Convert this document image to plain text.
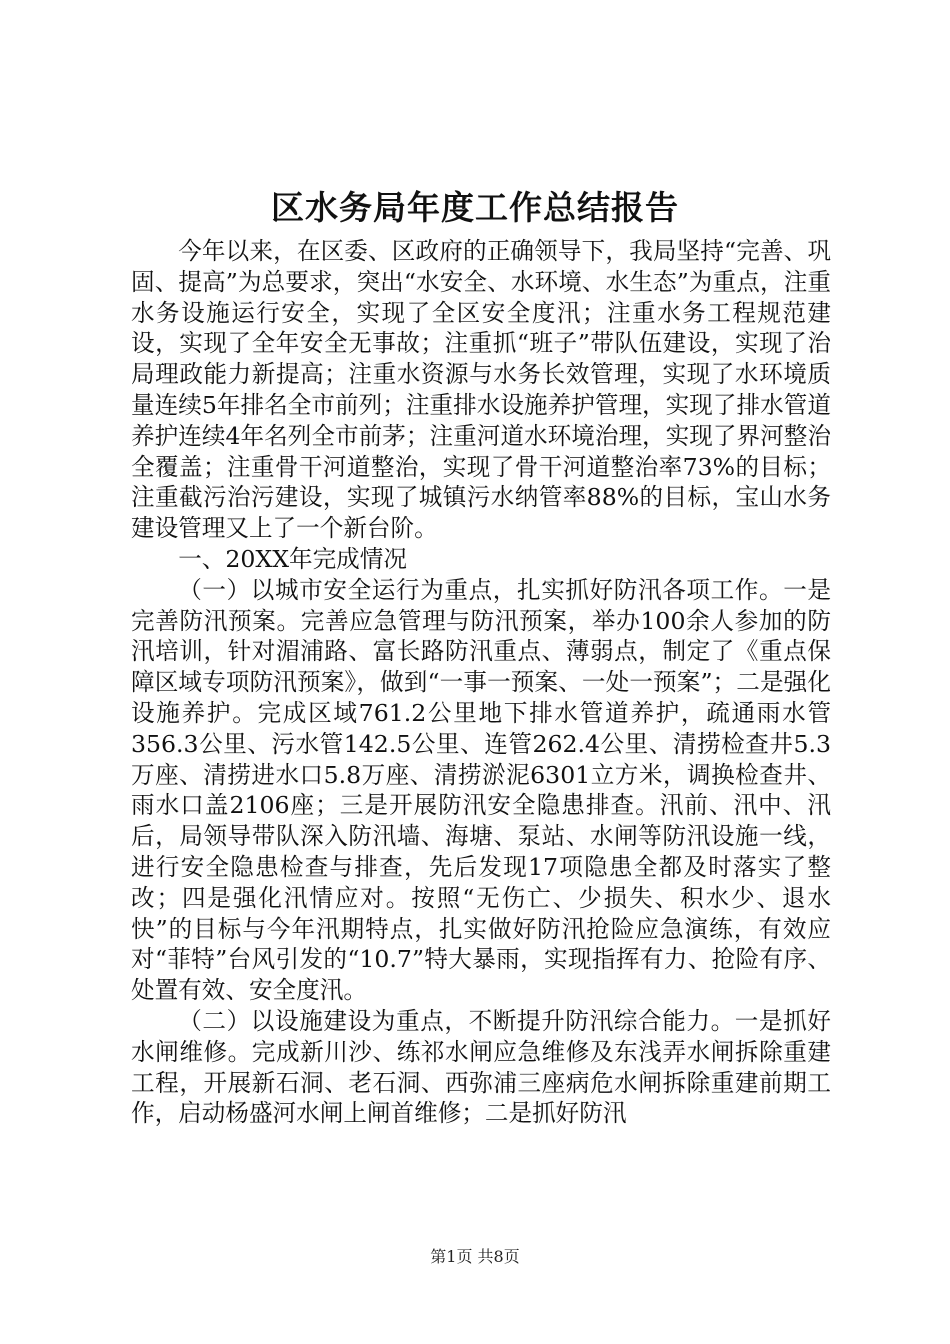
区水务局年度工作总结报告

今年以来，在区委、区政府的正确领导下，我局坚持“完善、巩固、提高”为总要求，突出“水安全、水环境、水生态”为重点，注重水务设施运行安全，实现了全区安全度汛；注重水务工程规范建设，实现了全年安全无事故；注重抓“班子”带队伍建设，实现了治局理政能力新提高；注重水资源与水务长效管理，实现了水环境质量连续5年排名全市前列；注重排水设施养护管理，实现了排水管道养护连续4年名列全市前茅；注重河道水环境治理，实现了界河整治全覆盖；注重骨干河道整治，实现了骨干河道整治率73%的目标；注重截污治污建设，实现了城镇污水纳管率88%的目标，宝山水务建设管理又上了一个新台阶。

一、20XX年完成情况

（一）以城市安全运行为重点，扎实抓好防汛各项工作。一是完善防汛预案。完善应急管理与防汛预案，举办100余人参加的防汛培训，针对湄浦路、富长路防汛重点、薄弱点，制定了《重点保障区域专项防汛预案》，做到“一事一预案、一处一预案”；二是强化设施养护。完成区域761.2公里地下排水管道养护，疏通雨水管356.3公里、污水管142.5公里、连管262.4公里、清捞检查井5.3万座、清捞进水口5.8万座、清捞淤泥6301立方米，调换检查井、雨水口盖2106座；三是开展防汛安全隐患排查。汛前、汛中、汛后，局领导带队深入防汛墙、海塘、泵站、水闸等防汛设施一线，进行安全隐患检查与排查，先后发现17项隐患全都及时落实了整改；四是强化汛情应对。按照“无伤亡、少损失、积水少、退水快”的目标与今年汛期特点，扎实做好防汛抢险应急演练，有效应对“菲特”台风引发的“10.7”特大暴雨，实现指挥有力、抢险有序、处置有效、安全度汛。

（二）以设施建设为重点，不断提升防汛综合能力。一是抓好水闸维修。完成新川沙、练祁水闸应急维修及东浅弄水闸拆除重建工程，开展新石洞、老石洞、西弥浦三座病危水闸拆除重建前期工作，启动杨盛河水闸上闸首维修；二是抓好防汛

第1页 共8页
